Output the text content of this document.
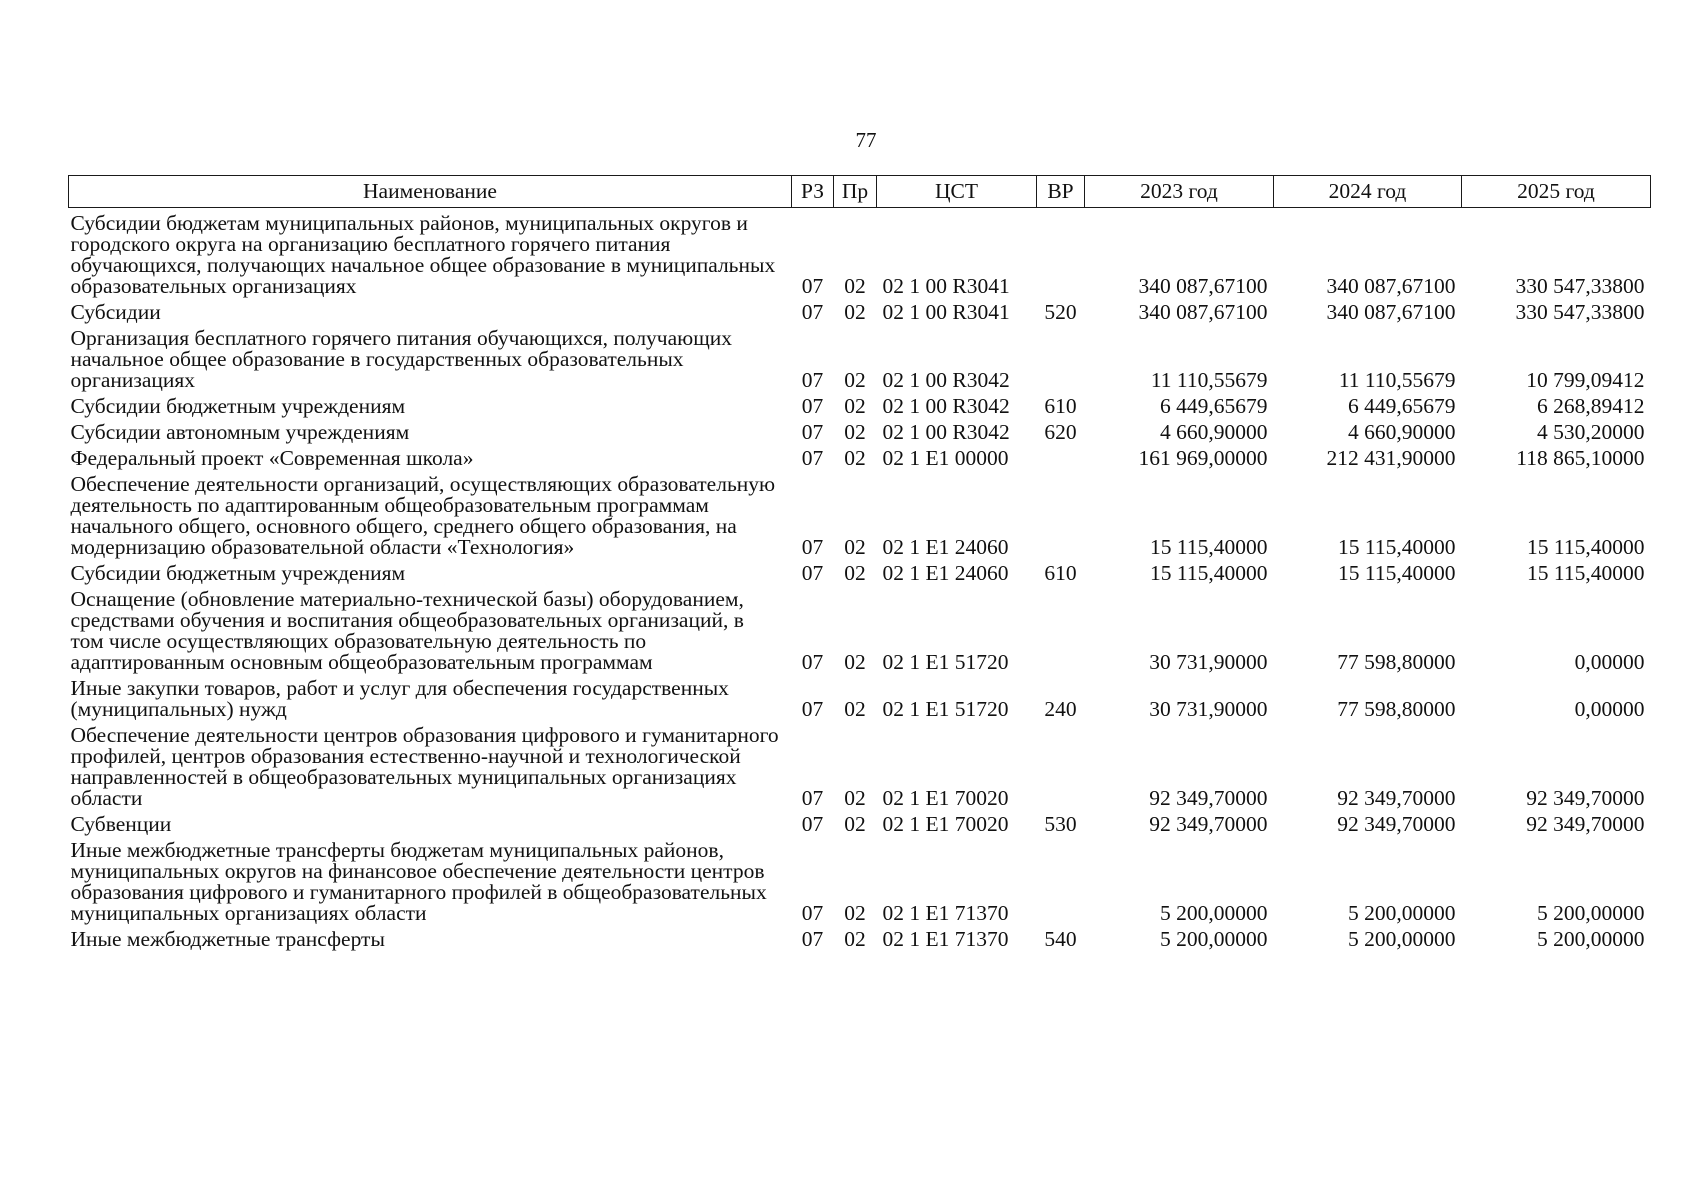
77
Наименование	РЗ	Пр	ЦСТ	ВР	2023 год	2024 год	2025 год
Субсидии бюджетам муниципальных районов, муниципальных округов и городского округа на организацию бесплатного горячего питания обучающихся, получающих начальное общее образование в муниципальных образовательных организациях	07	02	02 1 00 R3041		340 087,67100	340 087,67100	330 547,33800
Субсидии	07	02	02 1 00 R3041	520	340 087,67100	340 087,67100	330 547,33800
Организация бесплатного горячего питания обучающихся, получающих начальное общее образование в государственных образовательных организациях	07	02	02 1 00 R3042		11 110,55679	11 110,55679	10 799,09412
Субсидии бюджетным учреждениям	07	02	02 1 00 R3042	610	6 449,65679	6 449,65679	6 268,89412
Субсидии автономным учреждениям	07	02	02 1 00 R3042	620	4 660,90000	4 660,90000	4 530,20000
Федеральный проект «Современная школа»	07	02	02 1 E1 00000		161 969,00000	212 431,90000	118 865,10000
Обеспечение деятельности организаций, осуществляющих образовательную деятельность по адаптированным общеобразовательным программам начального общего, основного общего, среднего общего образования, на модернизацию образовательной области «Технология»	07	02	02 1 E1 24060		15 115,40000	15 115,40000	15 115,40000
Субсидии бюджетным учреждениям	07	02	02 1 E1 24060	610	15 115,40000	15 115,40000	15 115,40000
Оснащение (обновление материально-технической базы) оборудованием, средствами обучения и воспитания общеобразовательных организаций, в том числе осуществляющих образовательную деятельность по адаптированным основным общеобразовательным программам	07	02	02 1 E1 51720		30 731,90000	77 598,80000	0,00000
Иные закупки товаров, работ и услуг для обеспечения государственных (муниципальных) нужд	07	02	02 1 E1 51720	240	30 731,90000	77 598,80000	0,00000
Обеспечение деятельности центров образования цифрового и гуманитарного профилей, центров образования естественно-научной и технологической направленностей в общеобразовательных муниципальных организациях области	07	02	02 1 E1 70020		92 349,70000	92 349,70000	92 349,70000
Субвенции	07	02	02 1 E1 70020	530	92 349,70000	92 349,70000	92 349,70000
Иные межбюджетные трансферты бюджетам муниципальных районов, муниципальных округов на финансовое обеспечение деятельности центров образования цифрового и гуманитарного профилей в общеобразовательных муниципальных организациях области	07	02	02 1 E1 71370		5 200,00000	5 200,00000	5 200,00000
Иные межбюджетные трансферты	07	02	02 1 E1 71370	540	5 200,00000	5 200,00000	5 200,00000
